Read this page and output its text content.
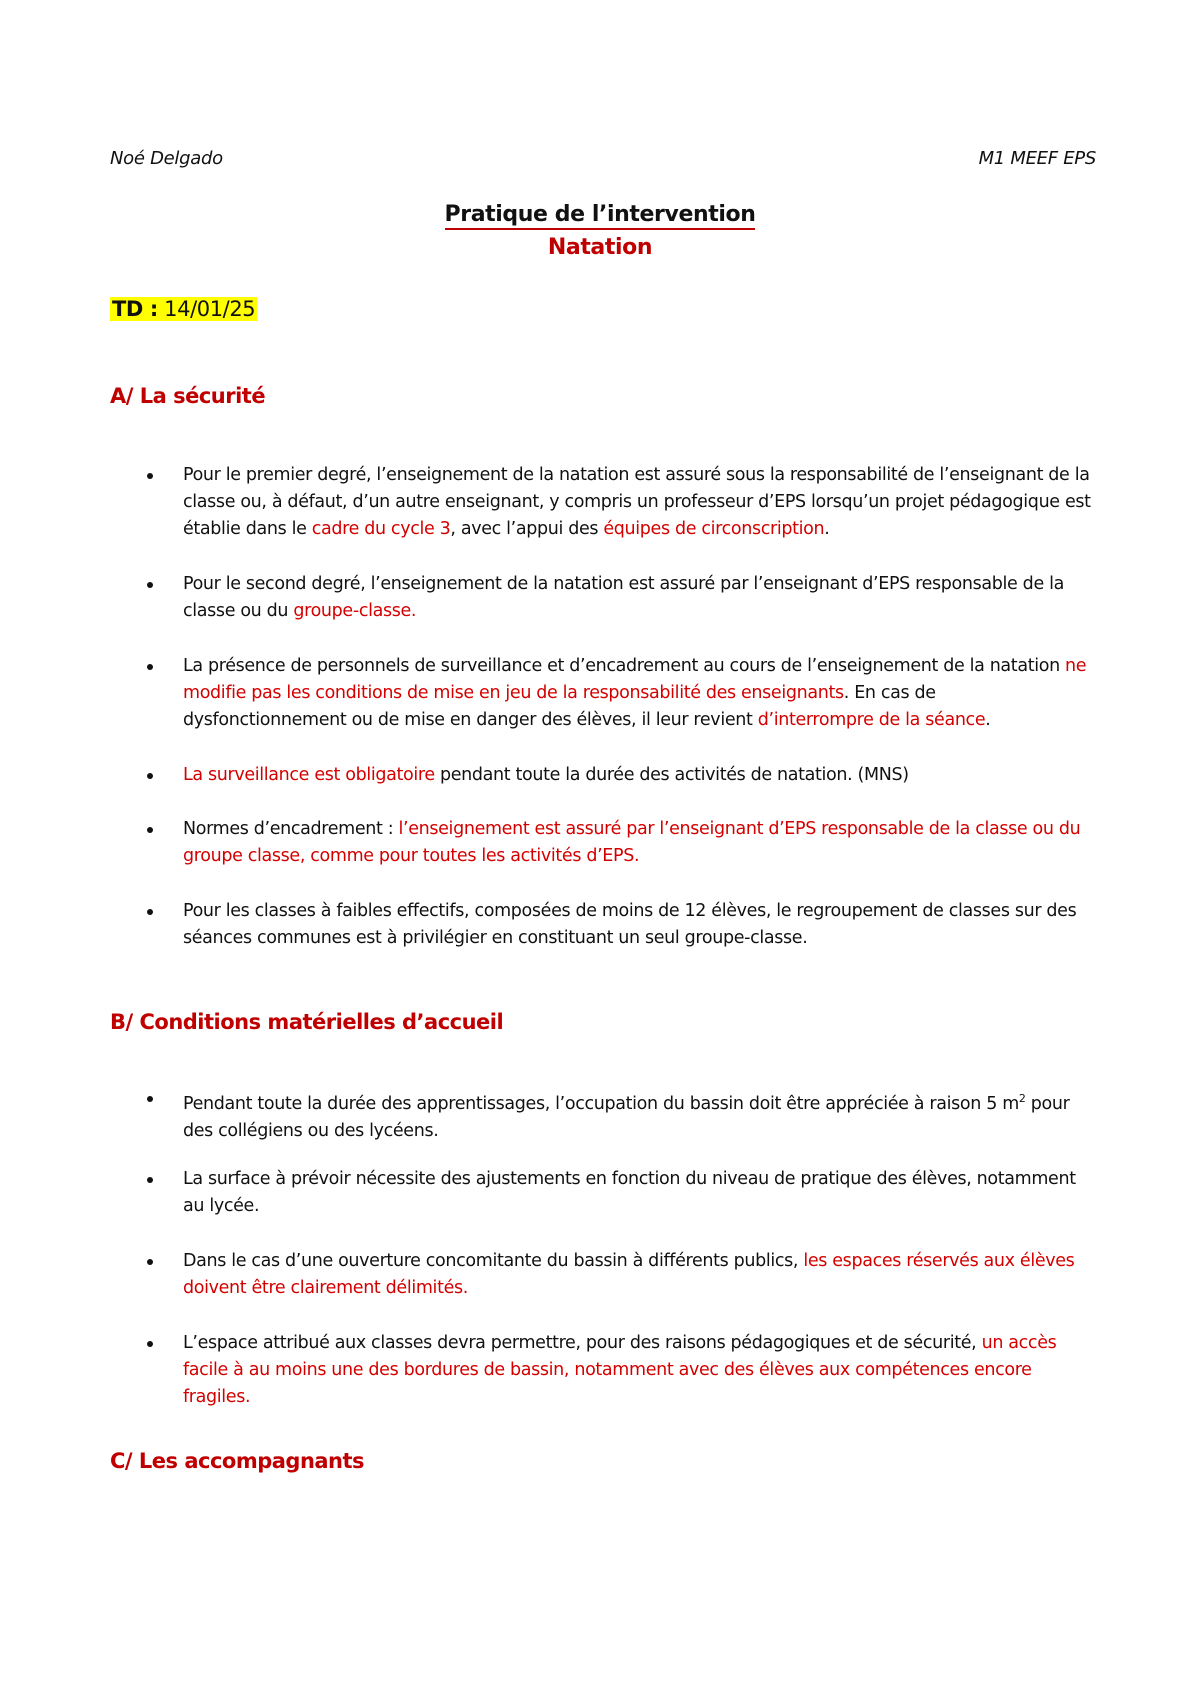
Noé Delgado	M1 MEEF EPS
Pratique de l’intervention
Natation
TD : 14/01/25
A/ La sécurité
Pour le premier degré, l’enseignement de la natation est assuré sous la responsabilité de l’enseignant de la classe ou, à défaut, d’un autre enseignant, y compris un professeur d’EPS lorsqu’un projet pédagogique est établie dans le cadre du cycle 3, avec l’appui des équipes de circonscription.
Pour le second degré, l’enseignement de la natation est assuré par l’enseignant d’EPS responsable de la classe ou du groupe-classe.
La présence de personnels de surveillance et d’encadrement au cours de l’enseignement de la natation ne modifie pas les conditions de mise en jeu de la responsabilité des enseignants. En cas de dysfonctionnement ou de mise en danger des élèves, il leur revient d’interrompre de la séance.
La surveillance est obligatoire pendant toute la durée des activités de natation. (MNS)
Normes d’encadrement : l’enseignement est assuré par l’enseignant d’EPS responsable de la classe ou du groupe classe, comme pour toutes les activités d’EPS.
Pour les classes à faibles effectifs, composées de moins de 12 élèves, le regroupement de classes sur des séances communes est à privilégier en constituant un seul groupe-classe.
B/ Conditions matérielles d’accueil
Pendant toute la durée des apprentissages, l’occupation du bassin doit être appréciée à raison 5 $m^2$ pour des collégiens ou des lycéens.
La surface à prévoir nécessite des ajustements en fonction du niveau de pratique des élèves, notamment au lycée.
Dans le cas d’une ouverture concomitante du bassin à différents publics, les espaces réservés aux élèves doivent être clairement délimités.
L’espace attribué aux classes devra permettre, pour des raisons pédagogiques et de sécurité, un accès facile à au moins une des bordures de bassin, notamment avec des élèves aux compétences encore fragiles.
C/ Les accompagnants
